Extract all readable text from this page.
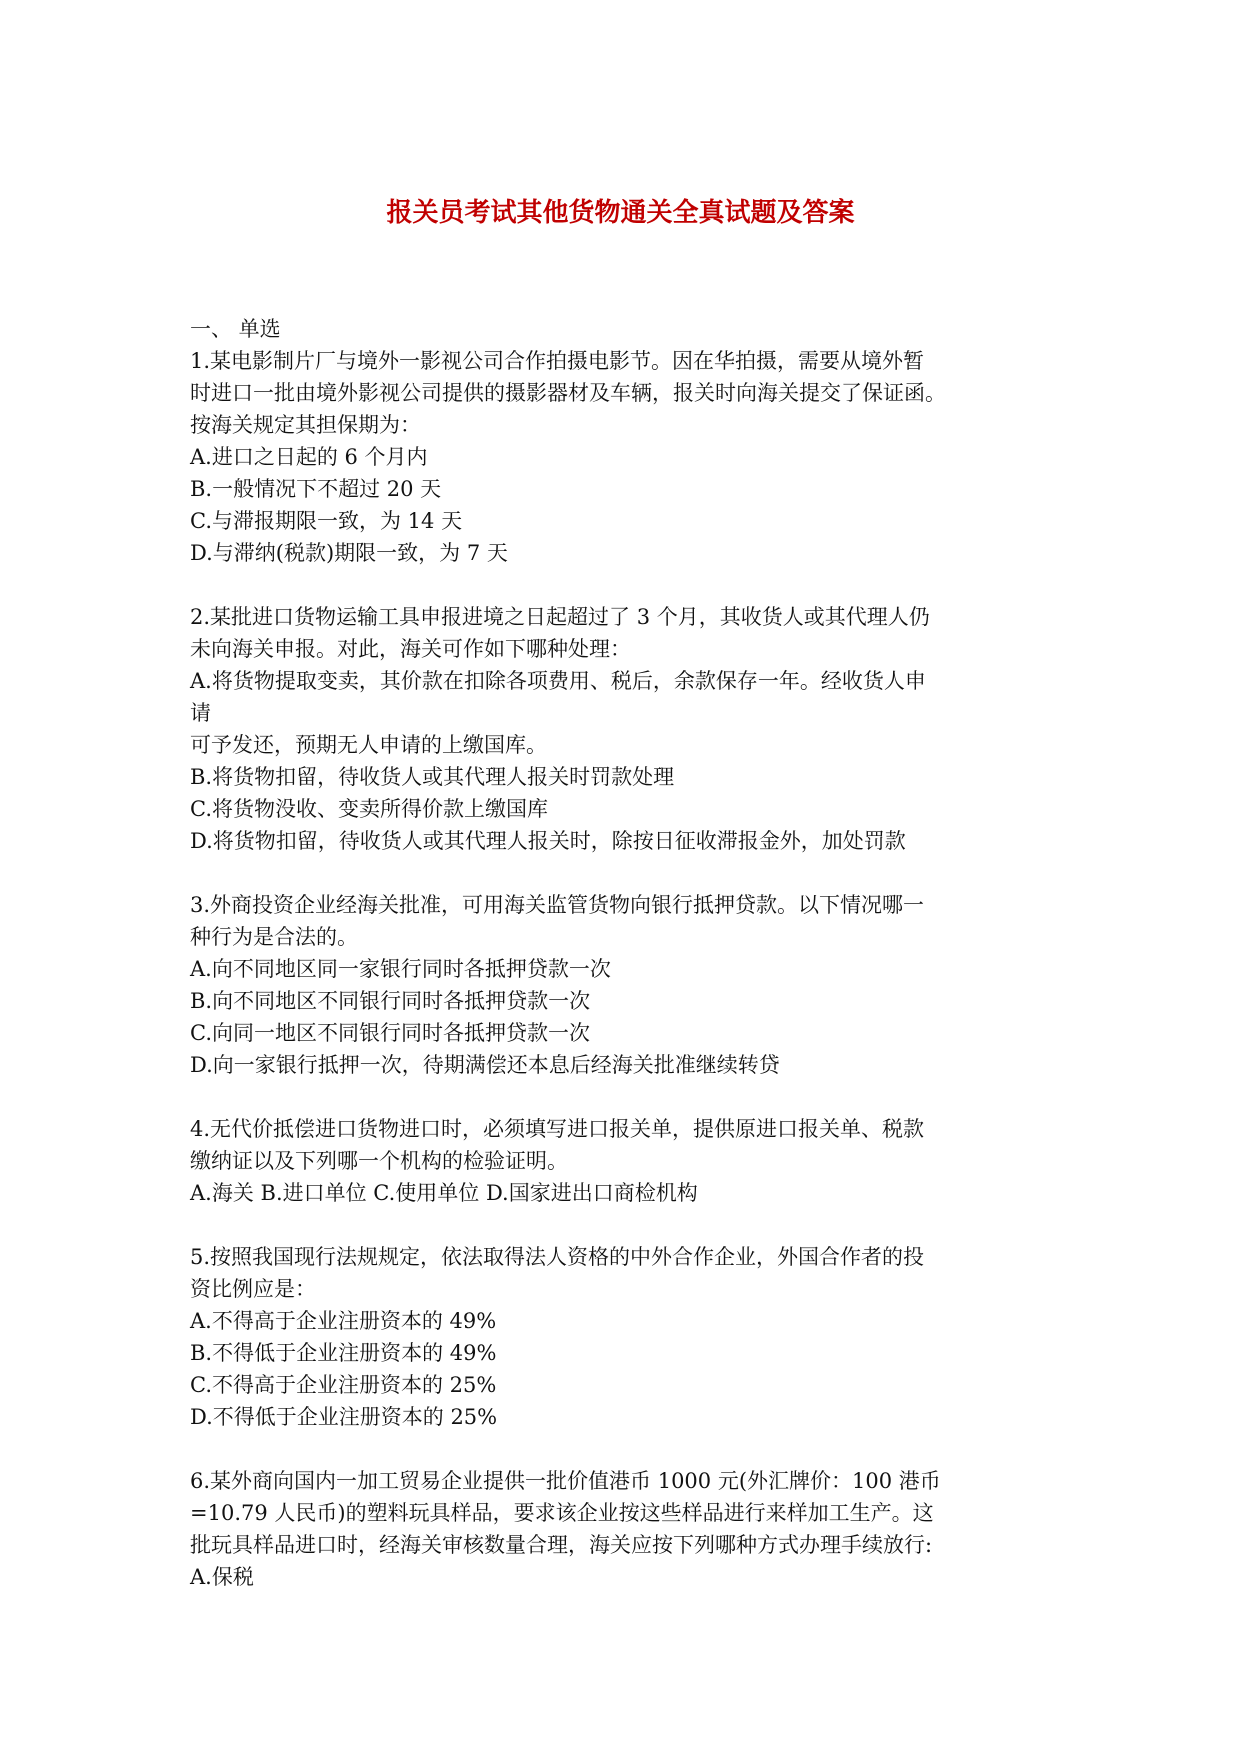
报关员考试其他货物通关全真试题及答案

一、 单选

1.某电影制片厂与境外一影视公司合作拍摄电影节。因在华拍摄，需要从境外暂

时进口一批由境外影视公司提供的摄影器材及车辆，报关时向海关提交了保证函。

按海关规定其担保期为：

A.进口之日起的 6 个月内

B.一般情况下不超过 20 天

C.与滞报期限一致，为 14 天

D.与滞纳(税款)期限一致，为 7 天

2.某批进口货物运输工具申报进境之日起超过了 3 个月，其收货人或其代理人仍

未向海关申报。对此，海关可作如下哪种处理：

A.将货物提取变卖，其价款在扣除各项费用、税后，余款保存一年。经收货人申

请

可予发还，预期无人申请的上缴国库。

B.将货物扣留，待收货人或其代理人报关时罚款处理

C.将货物没收、变卖所得价款上缴国库

D.将货物扣留，待收货人或其代理人报关时，除按日征收滞报金外，加处罚款

3.外商投资企业经海关批准，可用海关监管货物向银行抵押贷款。以下情况哪一

种行为是合法的。

A.向不同地区同一家银行同时各抵押贷款一次

B.向不同地区不同银行同时各抵押贷款一次

C.向同一地区不同银行同时各抵押贷款一次

D.向一家银行抵押一次，待期满偿还本息后经海关批准继续转贷

4.无代价抵偿进口货物进口时，必须填写进口报关单，提供原进口报关单、税款

缴纳证以及下列哪一个机构的检验证明。

A.海关 B.进口单位 C.使用单位 D.国家进出口商检机构

5.按照我国现行法规规定，依法取得法人资格的中外合作企业，外国合作者的投

资比例应是：

A.不得高于企业注册资本的 49%

B.不得低于企业注册资本的 49%

C.不得高于企业注册资本的 25%

D.不得低于企业注册资本的 25%

6.某外商向国内一加工贸易企业提供一批价值港币 1000 元(外汇牌价：100 港币

=10.79 人民币)的塑料玩具样品，要求该企业按这些样品进行来样加工生产。这

批玩具样品进口时，经海关审核数量合理，海关应按下列哪种方式办理手续放行:

A.保税
